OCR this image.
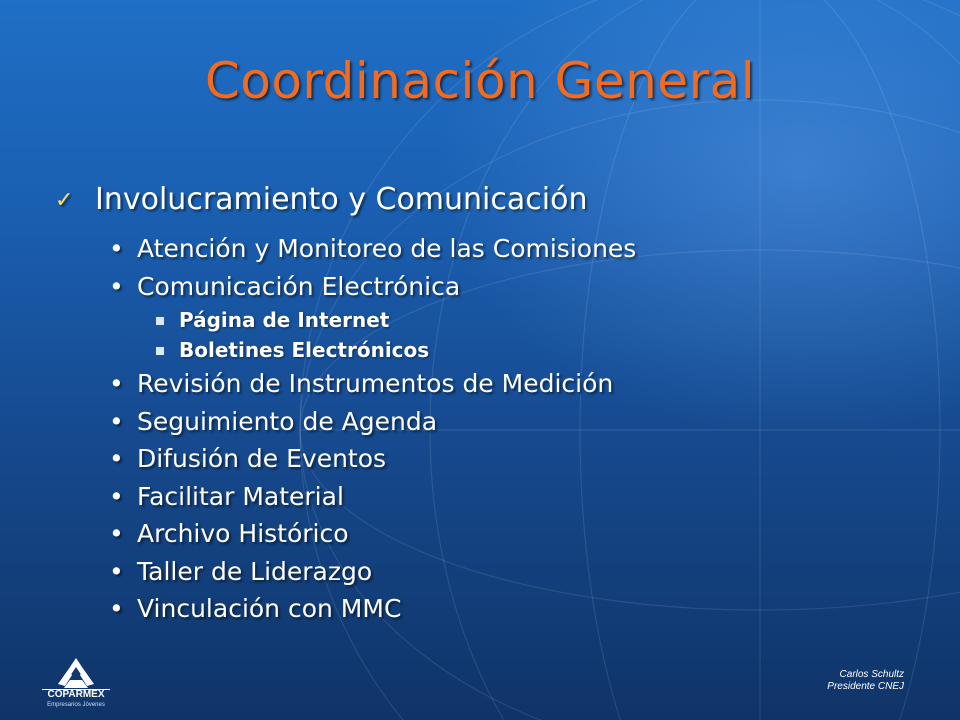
Coordinación General
✓ Involucramiento y Comunicación
• Atención y Monitoreo de las Comisiones
• Comunicación Electrónica
Página de Internet
Boletines Electrónicos
• Revisión de Instrumentos de Medición
• Seguimiento de Agenda
• Difusión de Eventos
• Facilitar Material
• Archivo Histórico
• Taller de Liderazgo
• Vinculación con MMC
COPARMEX
Empresarios Jóvenes
Carlos Schultz
Presidente CNEJ
